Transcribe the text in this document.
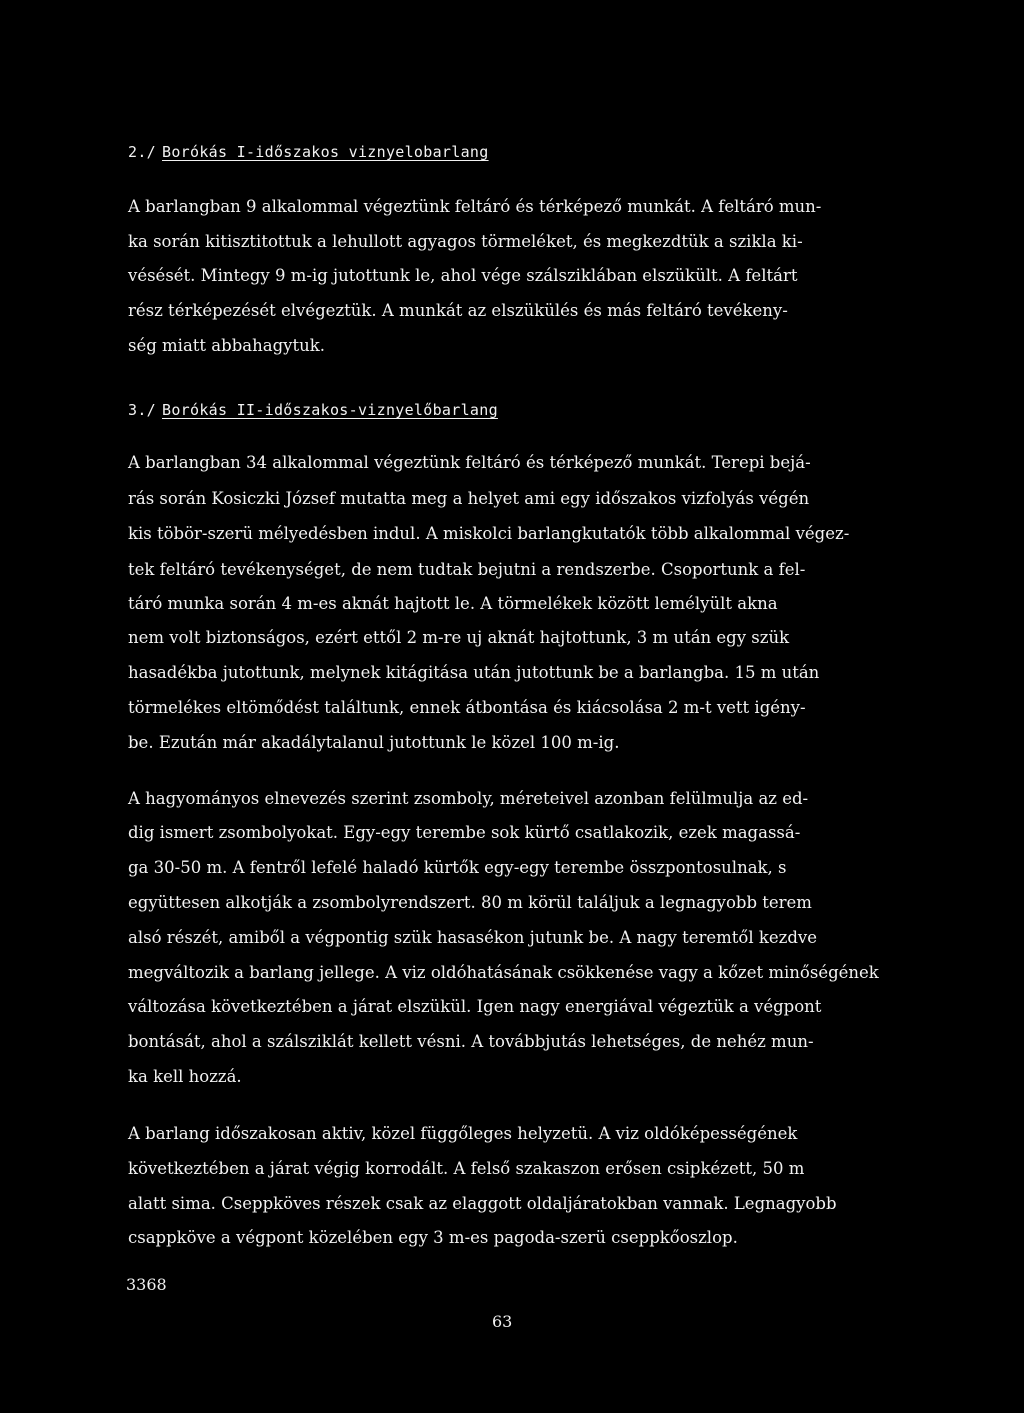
2./ Borókás I-időszakos viznyelobarlang
A barlangban 9 alkalommal végeztünk feltáró és térképező munkát. A feltáró mun-
ka során kitisztitottuk a lehullott agyagos törmeléket, és megkezdtük a szikla ki-
vésését. Mintegy 9 m-ig jutottunk le, ahol vége szálsziklában elszükült. A feltárt
rész térképezését elvégeztük. A munkát az elszükülés és más feltáró tevékeny-
ség miatt abbahagytuk.
3./ Borókás II-időszakos-viznyelőbarlang
A barlangban 34 alkalommal végeztünk feltáró és térképező munkát. Terepi bejá-
rás során Kosiczki József mutatta meg a helyet ami egy időszakos vizfolyás végén
kis töbör-szerü mélyedésben indul. A miskolci barlangkutatók több alkalommal végez-
tek feltáró tevékenységet, de nem tudtak bejutni a rendszerbe. Csoportunk a fel-
táró munka során 4 m-es aknát hajtott le. A törmelékek között lemélyült akna
nem volt biztonságos, ezért ettől 2 m-re uj aknát hajtottunk, 3 m után egy szük
hasadékba jutottunk, melynek kitágitása után jutottunk be a barlangba. 15 m után
törmelékes eltömődést találtunk, ennek átbontása és kiácsolása 2 m-t vett igény-
be. Ezután már akadálytalanul jutottunk le közel 100 m-ig.
A hagyományos elnevezés szerint zsomboly, méreteivel azonban felülmulja az ed-
dig ismert zsombolyokat. Egy-egy terembe sok kürtő csatlakozik, ezek magassá-
ga 30-50 m. A fentről lefelé haladó kürtők egy-egy terembe összpontosulnak, s
együttesen alkotják a zsombolyrendszert. 80 m körül találjuk a legnagyobb terem
alsó részét, amiből a végpontig szük hasasékon jutunk be. A nagy teremtől kezdve
megváltozik a barlang jellege. A viz oldóhatásának csökkenése vagy a kőzet minőségének
változása következtében a járat elszükül. Igen nagy energiával végeztük a végpont
bontását, ahol a szálsziklát kellett vésni. A továbbjutás lehetséges, de nehéz mun-
ka kell hozzá.
A barlang időszakosan aktiv, közel függőleges helyzetü. A viz oldóképességének
következtében a járat végig korrodált. A felső szakaszon erősen csipkézett, 50 m
alatt sima. Cseppköves részek csak az elaggott oldaljáratokban vannak. Legnagyobb
csappköve a végpont közelében egy 3 m-es pagoda-szerü cseppkőoszlop.
3368
63
